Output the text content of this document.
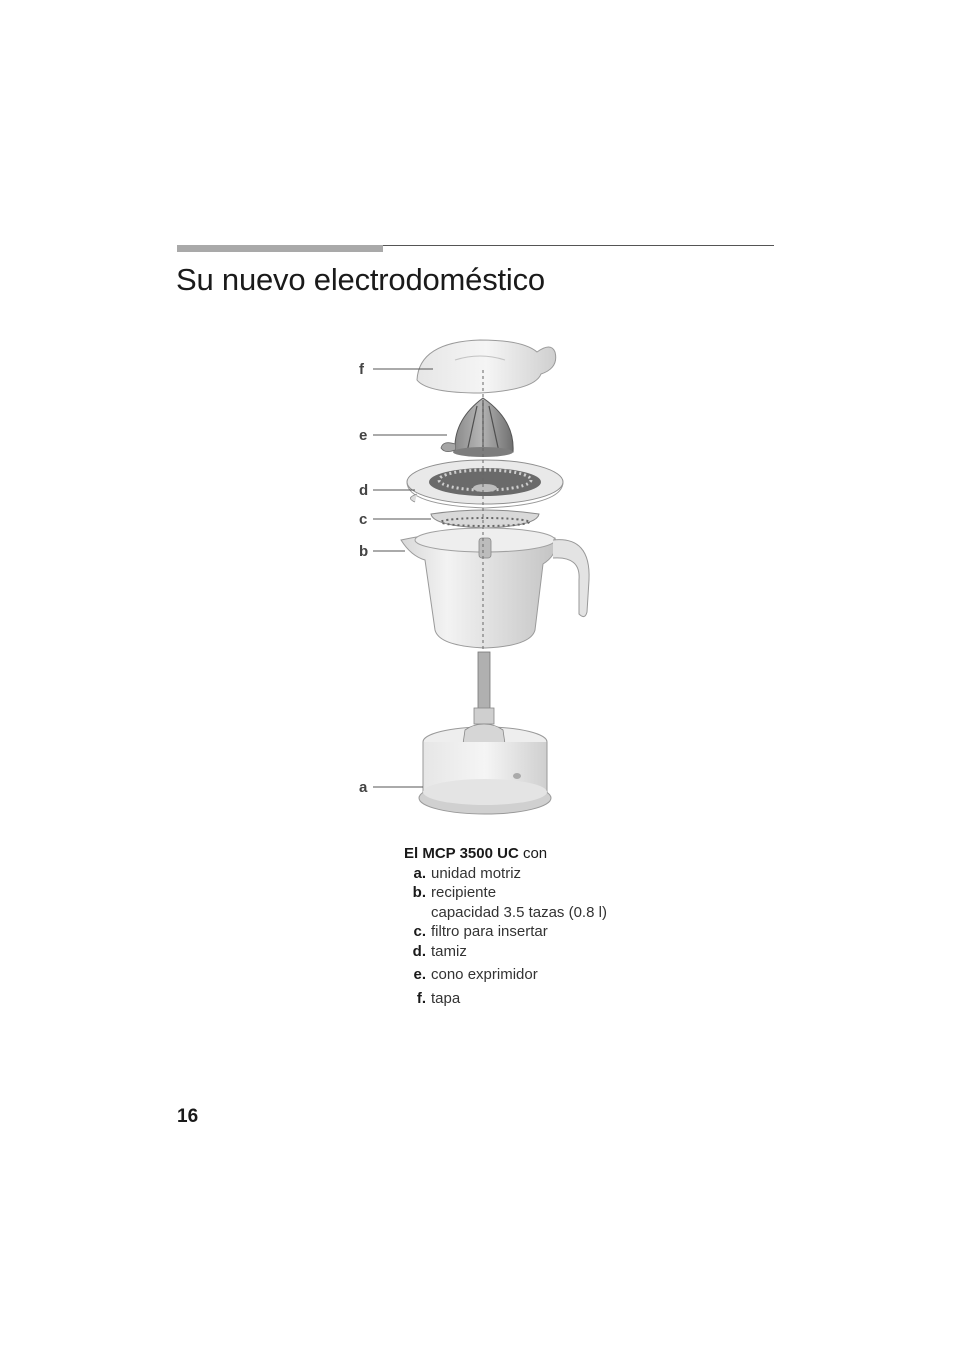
Su nuevo electrodoméstico
f
e
d
c
b
a
El MCP 3500 UC con
a. unidad motriz
b. recipiente
capacidad 3.5 tazas (0.8 l)
c. filtro para insertar
d. tamiz
e. cono exprimidor
f. tapa
16
